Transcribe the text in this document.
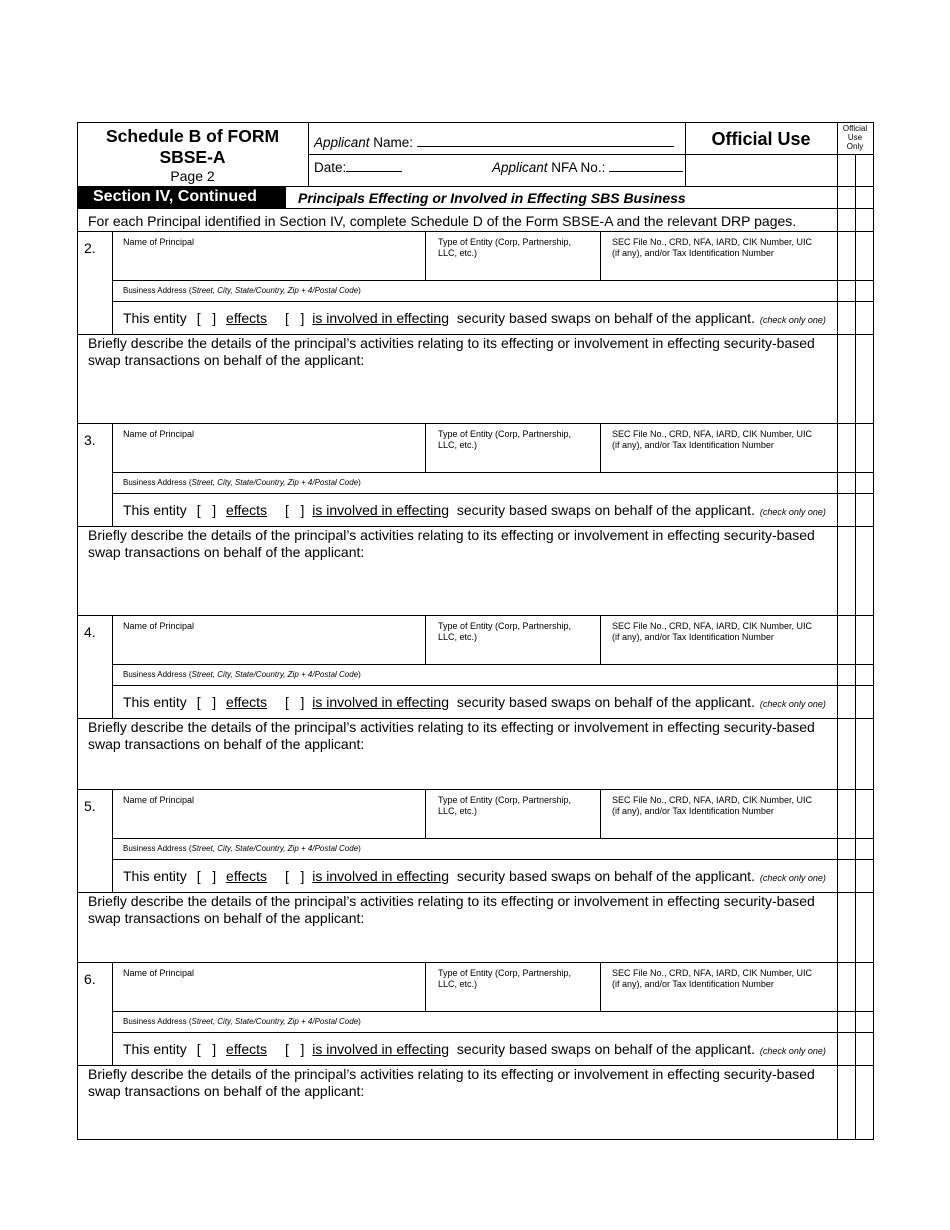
Schedule B of FORM
SBSE-A
Page 2
Applicant Name:
Date:	Applicant NFA No.:
Official Use
Official
Use
Only
Section IV, Continued	Principals Effecting or Involved in Effecting SBS Business
For each Principal identified in Section IV, complete Schedule D of the Form SBSE-A and the relevant DRP pages.
2.	Name of Principal	Type of Entity (Corp, Partnership,
LLC, etc.)
SEC File No., CRD, NFA, IARD, CIK Number, UIC
(if any), and/or Tax Identification Number
Business Address (Street, City, State/Country, Zip + 4/Postal Code)
This entity [   ] effects [   ] is involved in effecting security based swaps on behalf of the applicant. (check only one)
Briefly describe the details of the principal’s activities relating to its effecting or involvement in effecting security-based
swap transactions on behalf of the applicant:
3.	Name of Principal	Type of Entity (Corp, Partnership,
LLC, etc.)
SEC File No., CRD, NFA, IARD, CIK Number, UIC
(if any), and/or Tax Identification Number
Business Address (Street, City, State/Country, Zip + 4/Postal Code)
This entity [   ] effects [   ] is involved in effecting security based swaps on behalf of the applicant. (check only one)
Briefly describe the details of the principal’s activities relating to its effecting or involvement in effecting security-based
swap transactions on behalf of the applicant:
4.	Name of Principal	Type of Entity (Corp, Partnership,
LLC, etc.)
SEC File No., CRD, NFA, IARD, CIK Number, UIC
(if any), and/or Tax Identification Number
Business Address (Street, City, State/Country, Zip + 4/Postal Code)
This entity [   ] effects [   ] is involved in effecting security based swaps on behalf of the applicant. (check only one)
Briefly describe the details of the principal’s activities relating to its effecting or involvement in effecting security-based
swap transactions on behalf of the applicant:
5.	Name of Principal	Type of Entity (Corp, Partnership,
LLC, etc.)
SEC File No., CRD, NFA, IARD, CIK Number, UIC
(if any), and/or Tax Identification Number
Business Address (Street, City, State/Country, Zip + 4/Postal Code)
This entity [   ] effects [   ] is involved in effecting security based swaps on behalf of the applicant. (check only one)
Briefly describe the details of the principal’s activities relating to its effecting or involvement in effecting security-based
swap transactions on behalf of the applicant:
6.	Name of Principal	Type of Entity (Corp, Partnership,
LLC, etc.)
SEC File No., CRD, NFA, IARD, CIK Number, UIC
(if any), and/or Tax Identification Number
Business Address (Street, City, State/Country, Zip + 4/Postal Code)
This entity [   ] effects [   ] is involved in effecting security based swaps on behalf of the applicant. (check only one)
Briefly describe the details of the principal’s activities relating to its effecting or involvement in effecting security-based
swap transactions on behalf of the applicant:
